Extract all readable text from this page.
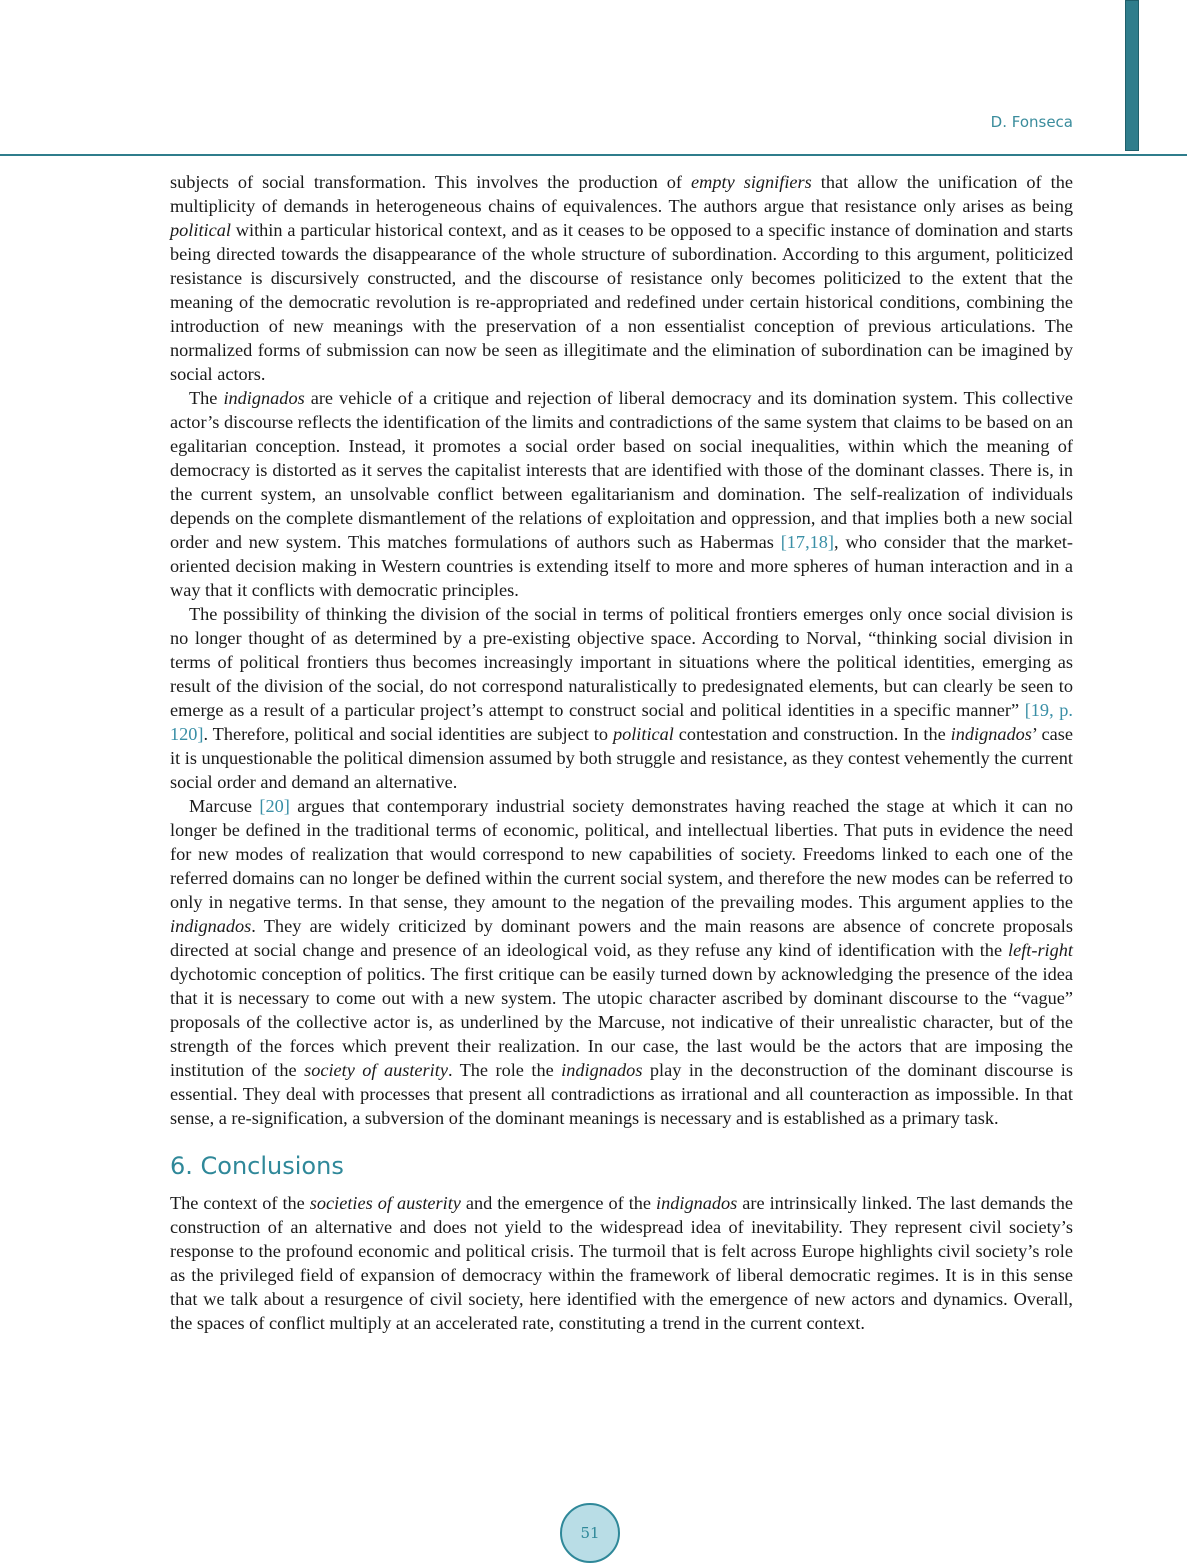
D. Fonseca

subjects of social transformation. This involves the production of empty signifiers that allow the unification of the multiplicity of demands in heterogeneous chains of equivalences. The authors argue that resistance only arises as being political within a particular historical context, and as it ceases to be opposed to a specific instance of domination and starts being directed towards the disappearance of the whole structure of subordination. According to this argument, politicized resistance is discursively constructed, and the discourse of resistance only becomes politicized to the extent that the meaning of the democratic revolution is re-appropriated and redefined under certain historical conditions, combining the introduction of new meanings with the preservation of a non essentialist conception of previous articulations. The normalized forms of submission can now be seen as illegitimate and the elimination of subordination can be imagined by social actors.

The indignados are vehicle of a critique and rejection of liberal democracy and its domination system. This collective actor’s discourse reflects the identification of the limits and contradictions of the same system that claims to be based on an egalitarian conception. Instead, it promotes a social order based on social inequalities, within which the meaning of democracy is distorted as it serves the capitalist interests that are identified with those of the dominant classes. There is, in the current system, an unsolvable conflict between egalitarianism and domination. The self-realization of individuals depends on the complete dismantlement of the relations of exploitation and oppression, and that implies both a new social order and new system. This matches formulations of authors such as Habermas [17,18], who consider that the market-oriented decision making in Western countries is extending itself to more and more spheres of human interaction and in a way that it conflicts with democratic principles.

The possibility of thinking the division of the social in terms of political frontiers emerges only once social division is no longer thought of as determined by a pre-existing objective space. According to Norval, “thinking social division in terms of political frontiers thus becomes increasingly important in situations where the political identities, emerging as result of the division of the social, do not correspond naturalistically to predesignated elements, but can clearly be seen to emerge as a result of a particular project’s attempt to construct social and political identities in a specific manner” [19, p. 120]. Therefore, political and social identities are subject to political contestation and construction. In the indignados’ case it is unquestionable the political dimension assumed by both struggle and resistance, as they contest vehemently the current social order and demand an alternative.

Marcuse [20] argues that contemporary industrial society demonstrates having reached the stage at which it can no longer be defined in the traditional terms of economic, political, and intellectual liberties. That puts in evidence the need for new modes of realization that would correspond to new capabilities of society. Freedoms linked to each one of the referred domains can no longer be defined within the current social system, and therefore the new modes can be referred to only in negative terms. In that sense, they amount to the negation of the prevailing modes. This argument applies to the indignados. They are widely criticized by dominant powers and the main reasons are absence of concrete proposals directed at social change and presence of an ideological void, as they refuse any kind of identification with the left-right dychotomic conception of politics. The first critique can be easily turned down by acknowledging the presence of the idea that it is necessary to come out with a new system. The utopic character ascribed by dominant discourse to the “vague” proposals of the collective actor is, as underlined by the Marcuse, not indicative of their unrealistic character, but of the strength of the forces which prevent their realization. In our case, the last would be the actors that are imposing the institution of the society of austerity. The role the indignados play in the deconstruction of the dominant discourse is essential. They deal with processes that present all contradictions as irrational and all counteraction as impossible. In that sense, a re-signification, a subversion of the dominant meanings is necessary and is established as a primary task.

6. Conclusions

The context of the societies of austerity and the emergence of the indignados are intrinsically linked. The last demands the construction of an alternative and does not yield to the widespread idea of inevitability. They represent civil society’s response to the profound economic and political crisis. The turmoil that is felt across Europe highlights civil society’s role as the privileged field of expansion of democracy within the framework of liberal democratic regimes. It is in this sense that we talk about a resurgence of civil society, here identified with the emergence of new actors and dynamics. Overall, the spaces of conflict multiply at an accelerated rate, constituting a trend in the current context.

51
